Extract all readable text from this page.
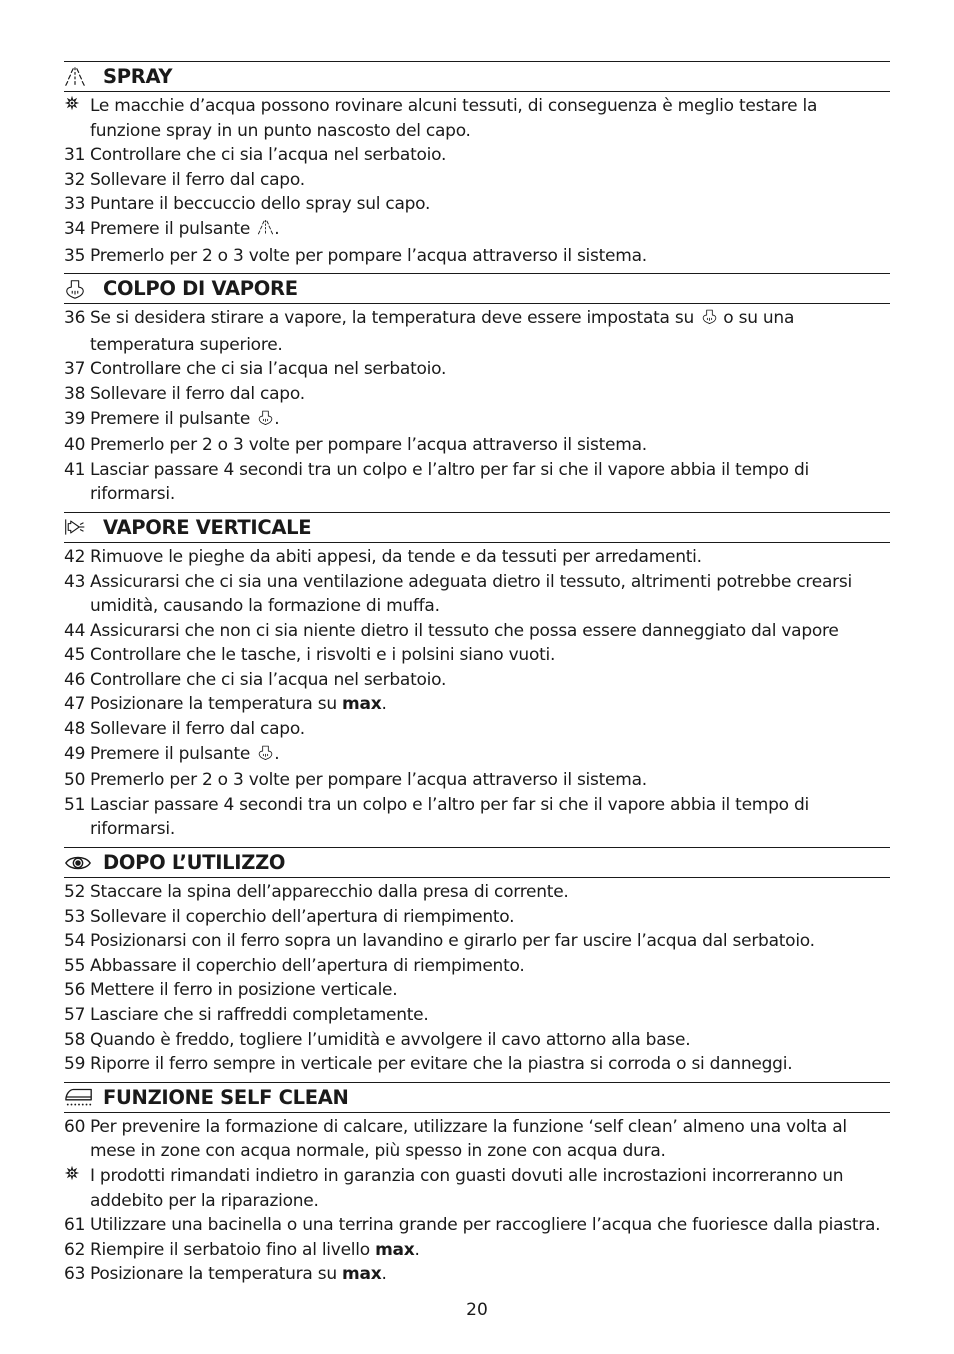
SPRAY
Le macchie d’acqua possono rovinare alcuni tessuti, di conseguenza è meglio testare la funzione spray in un punto nascosto del capo.
31 Controllare che ci sia l’acqua nel serbatoio.
32 Sollevare il ferro dal capo.
33 Puntare il beccuccio dello spray sul capo.
34 Premere il pulsante .
35 Premerlo per 2 o 3 volte per pompare l’acqua attraverso il sistema.
COLPO DI VAPORE
36 Se si desidera stirare a vapore, la temperatura deve essere impostata su  o su una temperatura superiore.
37 Controllare che ci sia l’acqua nel serbatoio.
38 Sollevare il ferro dal capo.
39 Premere il pulsante .
40 Premerlo per 2 o 3 volte per pompare l’acqua attraverso il sistema.
41 Lasciar passare 4 secondi tra un colpo e l’altro per far si che il vapore abbia il tempo di riformarsi.
VAPORE VERTICALE
42 Rimuove le pieghe da abiti appesi, da tende e da tessuti per arredamenti.
43 Assicurarsi che ci sia una ventilazione adeguata dietro il tessuto, altrimenti potrebbe crearsi umidità, causando la formazione di muffa.
44 Assicurarsi che non ci sia niente dietro il tessuto che possa essere danneggiato dal vapore
45 Controllare che le tasche, i risvolti e i polsini siano vuoti.
46 Controllare che ci sia l’acqua nel serbatoio.
47 Posizionare la temperatura su max.
48 Sollevare il ferro dal capo.
49 Premere il pulsante .
50 Premerlo per 2 o 3 volte per pompare l’acqua attraverso il sistema.
51 Lasciar passare 4 secondi tra un colpo e l’altro per far si che il vapore abbia il tempo di riformarsi.
DOPO L’UTILIZZO
52 Staccare la spina dell’apparecchio dalla presa di corrente.
53 Sollevare il coperchio dell’apertura di riempimento.
54 Posizionarsi con il ferro sopra un lavandino e girarlo per far uscire l’acqua dal serbatoio.
55 Abbassare il coperchio dell’apertura di riempimento.
56 Mettere il ferro in posizione verticale.
57 Lasciare che si raffreddi completamente.
58 Quando è freddo, togliere l’umidità e avvolgere il cavo attorno alla base.
59 Riporre il ferro sempre in verticale per evitare che la piastra si corroda o si danneggi.
FUNZIONE SELF CLEAN
60 Per prevenire la formazione di calcare, utilizzare la funzione ‘self clean’ almeno una volta al mese in zone con acqua normale, più spesso in zone con acqua dura.
I prodotti rimandati indietro in garanzia con guasti dovuti alle incrostazioni incorreranno un addebito per la riparazione.
61 Utilizzare una bacinella o una terrina grande per raccogliere l’acqua che fuoriesce dalla piastra.
62 Riempire il serbatoio fino al livello max.
63 Posizionare la temperatura su max.
20
